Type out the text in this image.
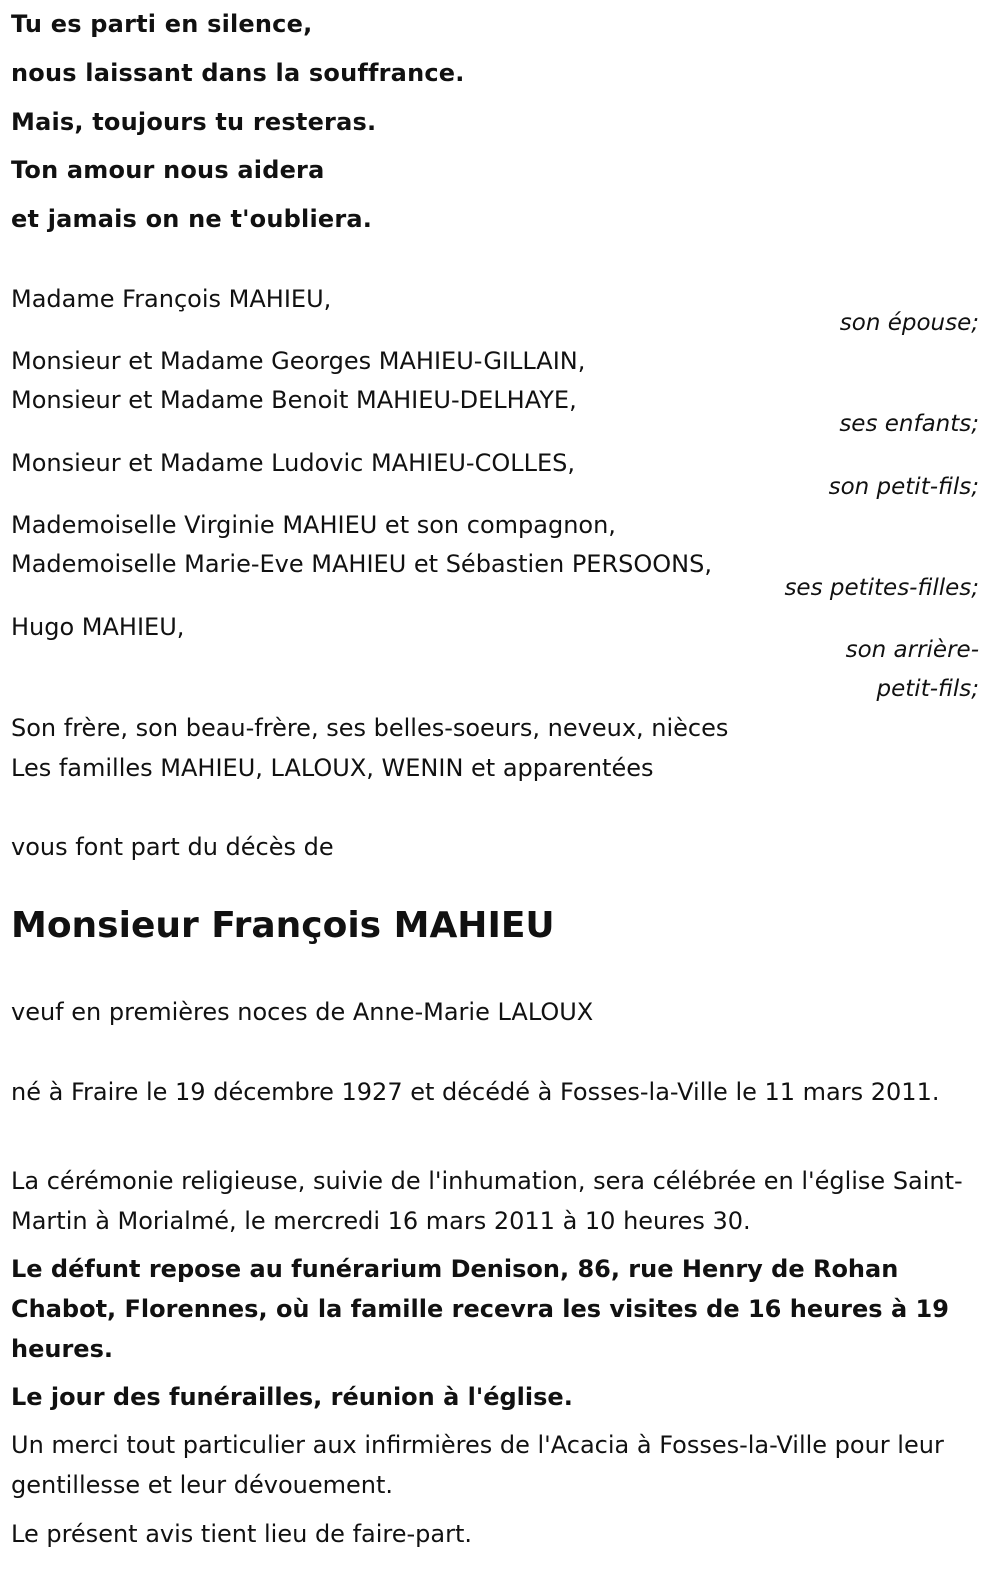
Tu es parti en silence,
nous laissant dans la souffrance.
Mais, toujours tu resteras.
Ton amour nous aidera
et jamais on ne t'oubliera.
Madame François MAHIEU,
son épouse;
Monsieur et Madame Georges MAHIEU-GILLAIN,
Monsieur et Madame Benoit MAHIEU-DELHAYE,
ses enfants;
Monsieur et Madame Ludovic MAHIEU-COLLES,
son petit-fils;
Mademoiselle Virginie MAHIEU et son compagnon,
Mademoiselle Marie-Eve MAHIEU et Sébastien PERSOONS,
ses petites-filles;
Hugo MAHIEU,
son arrière-
petit-fils;
Son frère, son beau-frère, ses belles-soeurs, neveux, nièces
Les familles MAHIEU, LALOUX, WENIN et apparentées
vous font part du décès de
Monsieur François MAHIEU
veuf en premières noces de Anne-Marie LALOUX
né à Fraire le 19 décembre 1927 et décédé à Fosses-la-Ville le 11 mars 2011.
La cérémonie religieuse, suivie de l'inhumation, sera célébrée en l'église Saint-Martin à Morialmé, le mercredi 16 mars 2011 à 10 heures 30.
Le défunt repose au funérarium Denison, 86, rue Henry de Rohan Chabot, Florennes, où la famille recevra les visites de 16 heures à 19 heures.
Le jour des funérailles, réunion à l'église.
Un merci tout particulier aux infirmières de l'Acacia à Fosses-la-Ville pour leur gentillesse et leur dévouement.
Le présent avis tient lieu de faire-part.
